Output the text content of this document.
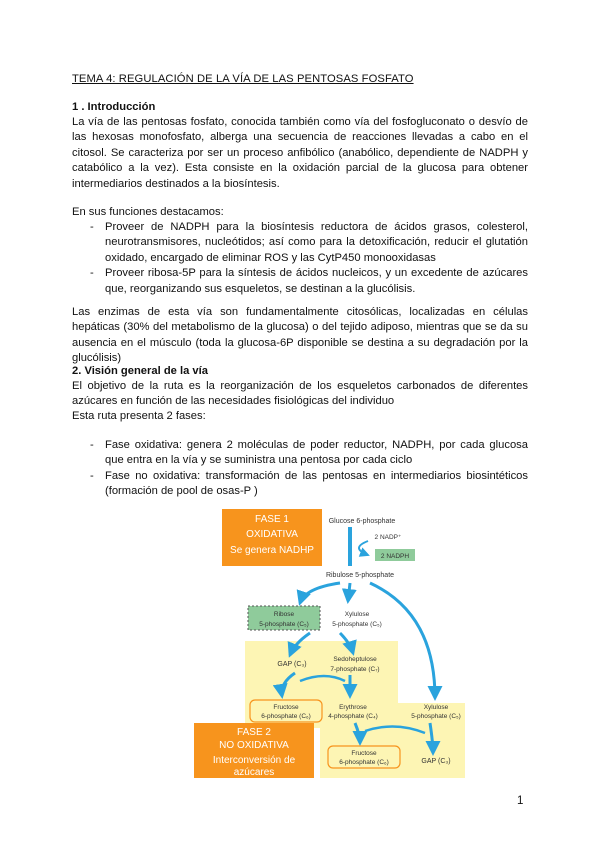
TEMA 4: REGULACIÓN DE LA VÍA DE LAS PENTOSAS FOSFATO
1 . Introducción
La vía de las pentosas fosfato, conocida también como vía del fosfogluconato o desvío de las hexosas monofosfato, alberga una secuencia de reacciones llevadas a cabo en el citosol. Se caracteriza por ser un proceso anfibólico (anabólico, dependiente de NADPH y catabólico a la vez). Esta consiste en la oxidación parcial de la glucosa para obtener intermediarios destinados a la biosíntesis.
En sus funciones destacamos:
- Proveer de NADPH para la biosíntesis reductora de ácidos grasos, colesterol, neurotransmisores, nucleótidos; así como para la detoxificación, reducir el glutatión oxidado, encargado de eliminar ROS y las CytP450 monooxidasas
- Proveer ribosa-5P para la síntesis de ácidos nucleicos, y un excedente de azúcares que, reorganizando sus esqueletos, se destinan a la glucólisis.
Las enzimas de esta vía son fundamentalmente citosólicas, localizadas en células hepáticas (30% del metabolismo de la glucosa) o del tejido adiposo, mientras que se da su ausencia en el músculo (toda la glucosa-6P disponible se destina a su degradación por la glucólisis)
2. Visión general de la vía
El objetivo de la ruta es la reorganización de los esqueletos carbonados de diferentes azúcares en función de las necesidades fisiológicas del individuo
Esta ruta presenta 2 fases:
- Fase oxidativa: genera 2 moléculas de poder reductor, NADPH, por cada glucosa que entra en la vía y se suministra una pentosa por cada ciclo
- Fase no oxidativa: transformación de las pentosas en intermediarios biosintéticos (formación de pool de osas-P )
FASE 1
OXIDATIVA
Se genera NADHP
FASE 2
NO OXIDATIVA
Interconversión de
azúcares
Glucose 6-phosphate
2 NADP⁺
2 NADPH
Ribulose 5-phosphate
Ribose
5-phosphate (C₅)
Xylulose
5-phosphate (C₅)
GAP (C₃)
Sedoheptulose
7-phosphate (C₇)
Fructose
6-phosphate (C₆)
Erythrose
4-phosphate (C₄)
Xylulose
5-phosphate (C₅)
Fructose
6-phosphate (C₆)	GAP (C₃)
1
